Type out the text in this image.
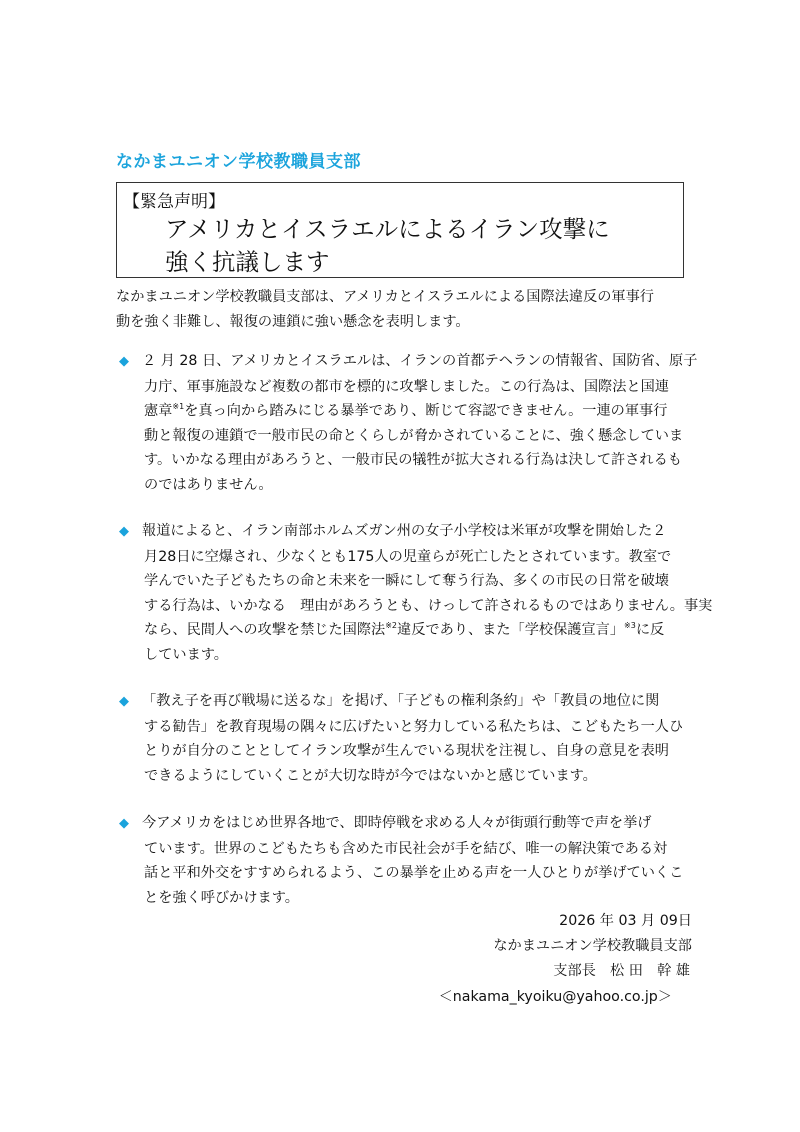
なかまユニオン学校教職員支部
【緊急声明】
アメリカとイスラエルによるイラン攻撃に
強く抗議します
なかまユニオン学校教職員支部は、アメリカとイスラエルによる国際法違反の軍事行
動を強く非難し、報復の連鎖に強い懸念を表明します。
◆ ２ 月 28 日、アメリカとイスラエルは、イランの首都テヘランの情報省、国防省、原子
力庁、軍事施設など複数の都市を標的に攻撃しました。この行為は、国際法と国連
憲章$^{※1}$を真っ向から踏みにじる暴挙であり、断じて容認できません。一連の軍事行
動と報復の連鎖で一般市民の命とくらしが脅かされていることに、強く懸念していま
す。いかなる理由があろうと、一般市民の犠牲が拡大される行為は決して許されるも
のではありません。
◆ 報道によると、イラン南部ホルムズガン州の女子小学校は米軍が攻撃を開始した２
月28日に空爆され、少なくとも175人の児童らが死亡したとされています。教室で
学んでいた子どもたちの命と未来を一瞬にして奪う行為、多くの市民の日常を破壊
する行為は、いかなる　理由があろうとも、けっして許されるものではありません。事実
なら、民間人への攻撃を禁じた国際法$^{※2}$違反であり、また「学校保護宣言」$^{※3}$に反
しています。
◆ 「教え子を再び戦場に送るな」を掲げ、「子どもの権利条約」や「教員の地位に関
する勧告」を教育現場の隅々に広げたいと努力している私たちは、こどもたち一人ひ
とりが自分のこととしてイラン攻撃が生んでいる現状を注視し、自身の意見を表明
できるようにしていくことが大切な時が今ではないかと感じています。
◆ 今アメリカをはじめ世界各地で、即時停戦を求める人々が街頭行動等で声を挙げ
ています。世界のこどもたちも含めた市民社会が手を結び、唯一の解決策である対
話と平和外交をすすめられるよう、この暴挙を止める声を一人ひとりが挙げていくこ
とを強く呼びかけます。
2026 年 03 月 09日
なかまユニオン学校教職員支部
支部長　松 田　幹 雄
＜nakama_kyoiku@yahoo.co.jp＞
